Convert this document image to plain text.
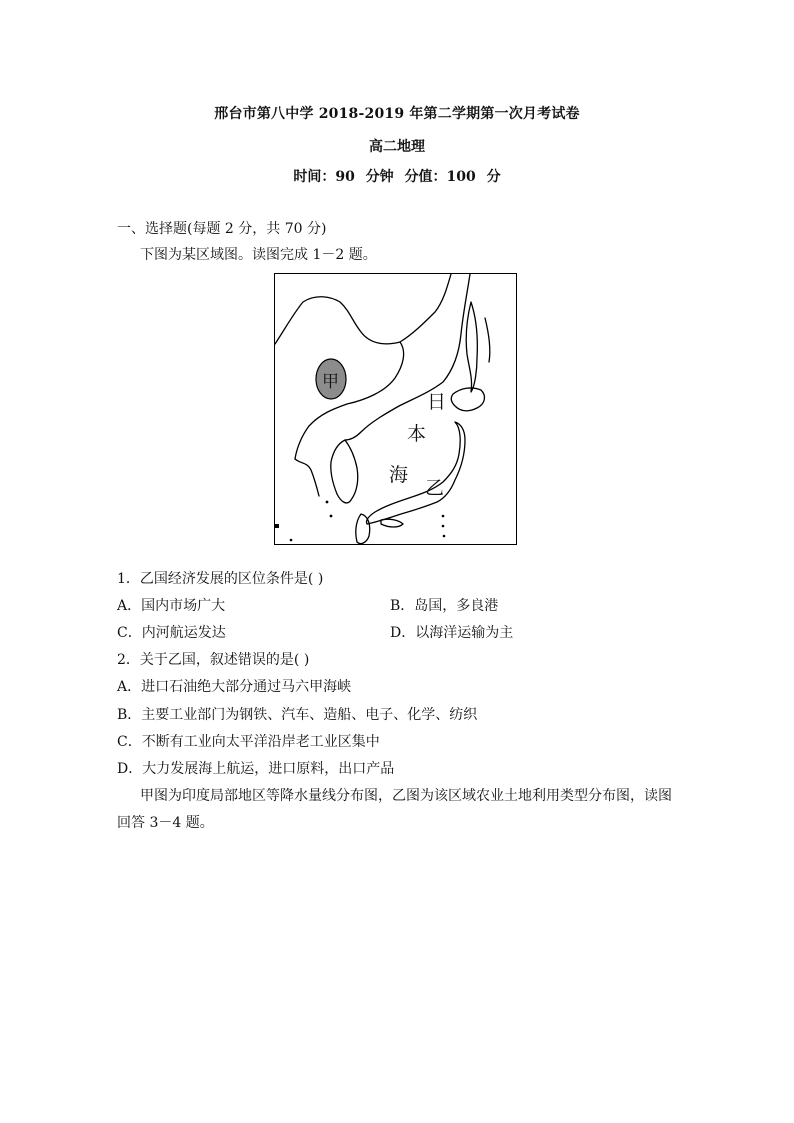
邢台市第八中学 2018-2019 年第二学期第一次月考试卷
高二地理
时间：90 分钟 分值：100 分
一、选择题(每题 2 分，共 70 分)
下图为某区域图。读图完成 1－2 题。
甲
日
本
海
乙
1．乙国经济发展的区位条件是( )
A．国内市场广大	B．岛国，多良港
C．内河航运发达	D．以海洋运输为主
2．关于乙国，叙述错误的是( )
A．进口石油绝大部分通过马六甲海峡
B．主要工业部门为钢铁、汽车、造船、电子、化学、纺织
C．不断有工业向太平洋沿岸老工业区集中
D．大力发展海上航运，进口原料，出口产品
甲图为印度局部地区等降水量线分布图，乙图为该区域农业土地利用类型分布图，读图
回答 3－4 题。
